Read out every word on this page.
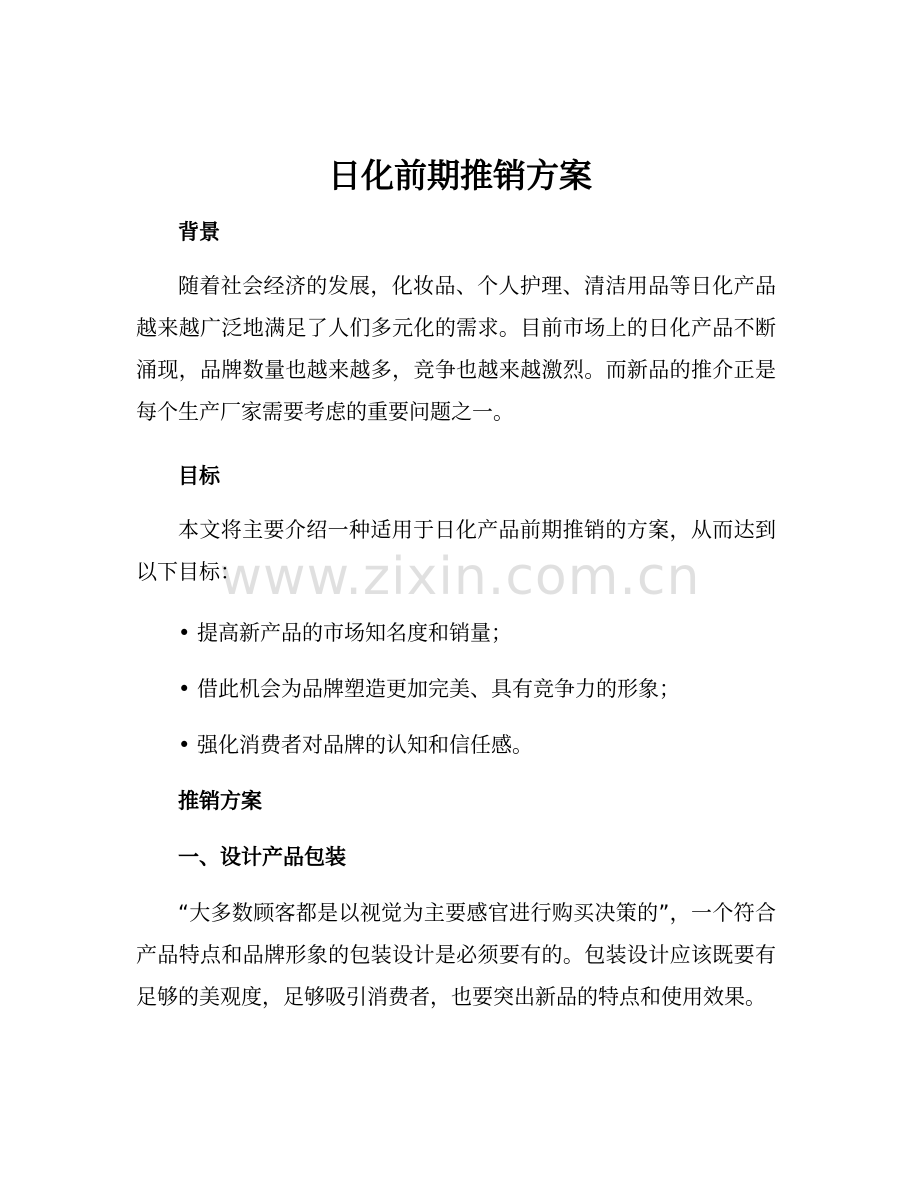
日化前期推销方案

背景

随着社会经济的发展，化妆品、个人护理、清洁用品等日化产品越来越广泛地满足了人们多元化的需求。目前市场上的日化产品不断涌现，品牌数量也越来越多，竞争也越来越激烈。而新品的推介正是每个生产厂家需要考虑的重要问题之一。

目标

本文将主要介绍一种适用于日化产品前期推销的方案，从而达到以下目标：

• 提高新产品的市场知名度和销量；

• 借此机会为品牌塑造更加完美、具有竞争力的形象；

• 强化消费者对品牌的认知和信任感。

推销方案

一、设计产品包装

“大多数顾客都是以视觉为主要感官进行购买决策的”，一个符合产品特点和品牌形象的包装设计是必须要有的。包装设计应该既要有足够的美观度，足够吸引消费者，也要突出新品的特点和使用效果。

www.zixin.com.cn
